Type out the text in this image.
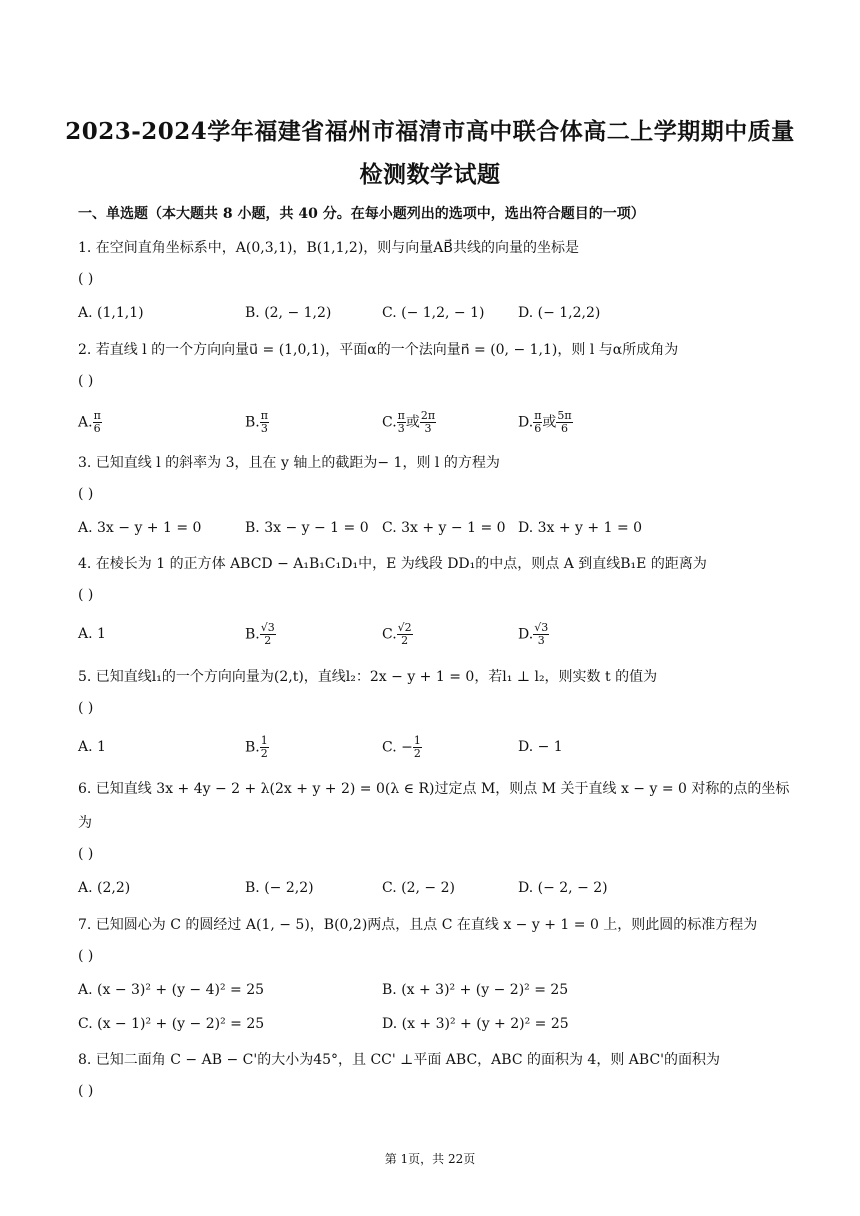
2023-2024学年福建省福州市福清市高中联合体高二上学期期中质量
检测数学试题
一、单选题（本大题共 8 小题，共 40 分。在每小题列出的选项中，选出符合题目的一项）
1. 在空间直角坐标系中，A(0,3,1)，B(1,1,2)，则与向量AB⃗共线的向量的坐标是
( )
A. (1,1,1)	B. (2, − 1,2)	C. (− 1,2, − 1) D. (− 1,2,2)
2. 若直线 l 的一个方向向量u⃗ = (1,0,1)，平面α的一个法向量n⃗ = (0, − 1,1)，则 l 与α所成角为
( )
A. $\frac{\pi}{6}$	B. $\frac{\pi}{3}$	C. $\frac{\pi}{3}$ 或 $\frac{2\pi}{3}$	D. $\frac{\pi}{6}$ 或 $\frac{5\pi}{6}$
3. 已知直线 l 的斜率为 3，且在 y 轴上的截距为− 1，则 l 的方程为
( )
A. 3x − y + 1 = 0	B. 3x − y − 1 = 0 C. 3x + y − 1 = 0 D. 3x + y + 1 = 0
4. 在棱长为 1 的正方体 ABCD − A₁B₁C₁D₁中，E 为线段 DD₁的中点，则点 A 到直线B₁E 的距离为
( )
A. 1	B. $\frac{√3}{2}$	C. $\frac{√2}{2}$	D. $\frac{√3}{3}$
5. 已知直线l₁的一个方向向量为(2,t)，直线l₂：2x − y + 1 = 0，若l₁ ⊥ l₂，则实数 t 的值为
( )
A. 1	B. $\frac{1}{2}$	C. − $\frac{1}{2}$	D. − 1
6. 已知直线 3x + 4y − 2 + λ(2x + y + 2) = 0(λ ∈ R)过定点 M，则点 M 关于直线 x − y = 0 对称的点的坐标
为
( )
A. (2,2)	B. (− 2,2)	C. (2, − 2)	D. (− 2, − 2)
7. 已知圆心为 C 的圆经过 A(1, − 5)，B(0,2)两点，且点 C 在直线 x − y + 1 = 0 上，则此圆的标准方程为
( )
A. (x − 3)² + (y − 4)² = 25	B. (x + 3)² + (y − 2)² = 25
C. (x − 1)² + (y − 2)² = 25	D. (x + 3)² + (y + 2)² = 25
8. 已知二面角 C − AB − C'的大小为45°，且 CC' ⊥平面 ABC，ABC 的面积为 4，则 ABC'的面积为
( )
第 1页，共 22页
